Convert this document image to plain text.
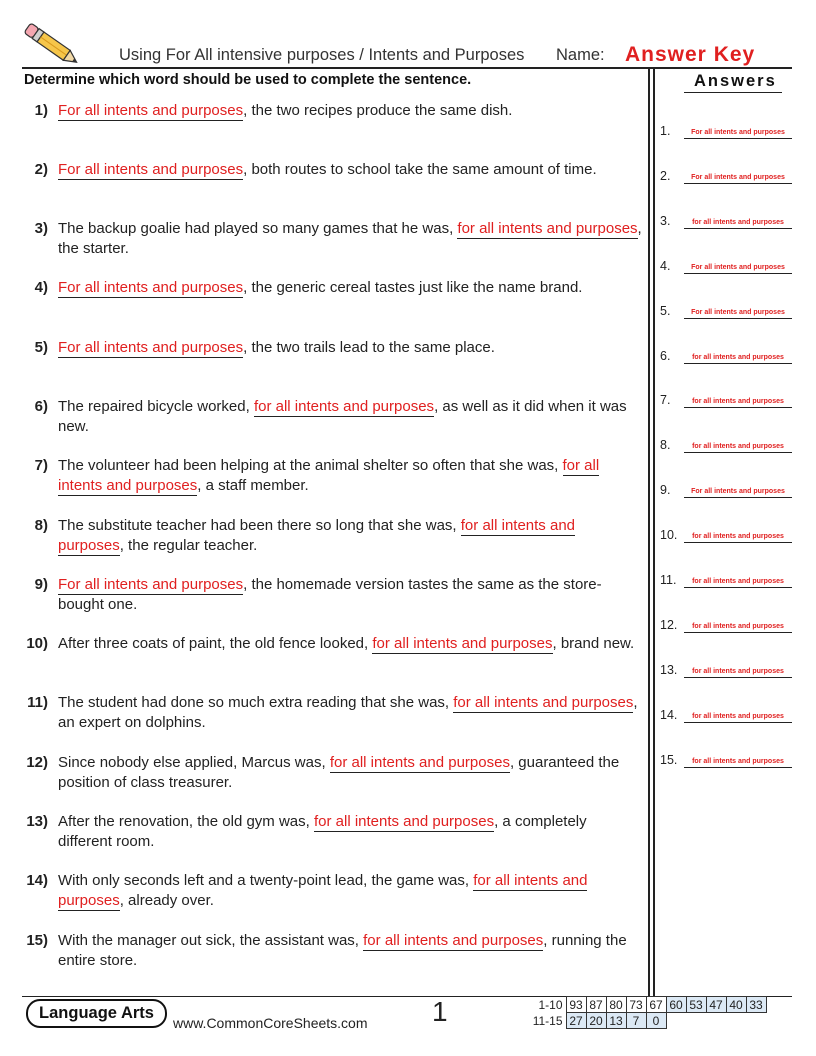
Using For All intensive purposes / Intents and Purposes Name: Answer Key
Determine which word should be used to complete the sentence.	Answers
1) For all intents and purposes, the two recipes produce the same dish.
2) For all intents and purposes, both routes to school take the same amount of time.
3) The backup goalie had played so many games that he was, for all intents and purposes, the starter.
4) For all intents and purposes, the generic cereal tastes just like the name brand.
5) For all intents and purposes, the two trails lead to the same place.
6) The repaired bicycle worked, for all intents and purposes, as well as it did when it was new.
7) The volunteer had been helping at the animal shelter so often that she was, for all intents and purposes, a staff member.
8) The substitute teacher had been there so long that she was, for all intents and purposes, the regular teacher.
9) For all intents and purposes, the homemade version tastes the same as the store-bought one.
10) After three coats of paint, the old fence looked, for all intents and purposes, brand new.
11) The student had done so much extra reading that she was, for all intents and purposes, an expert on dolphins.
12) Since nobody else applied, Marcus was, for all intents and purposes, guaranteed the position of class treasurer.
13) After the renovation, the old gym was, for all intents and purposes, a completely different room.
14) With only seconds left and a twenty-point lead, the game was, for all intents and purposes, already over.
15) With the manager out sick, the assistant was, for all intents and purposes, running the entire store.
1.	For all intents and purposes
2.	For all intents and purposes
3.	for all intents and purposes
4.	For all intents and purposes
5.	For all intents and purposes
6.	for all intents and purposes
7.	for all intents and purposes
8.	for all intents and purposes
9.	For all intents and purposes
10.	for all intents and purposes
11.	for all intents and purposes
12.	for all intents and purposes
13.	for all intents and purposes
14.	for all intents and purposes
15.	for all intents and purposes
Language Arts
www.CommonCoreSheets.com 1	1-10	93	87	80	73	67	60	53	47	40	33
11-15	27	20	13	7	0					
